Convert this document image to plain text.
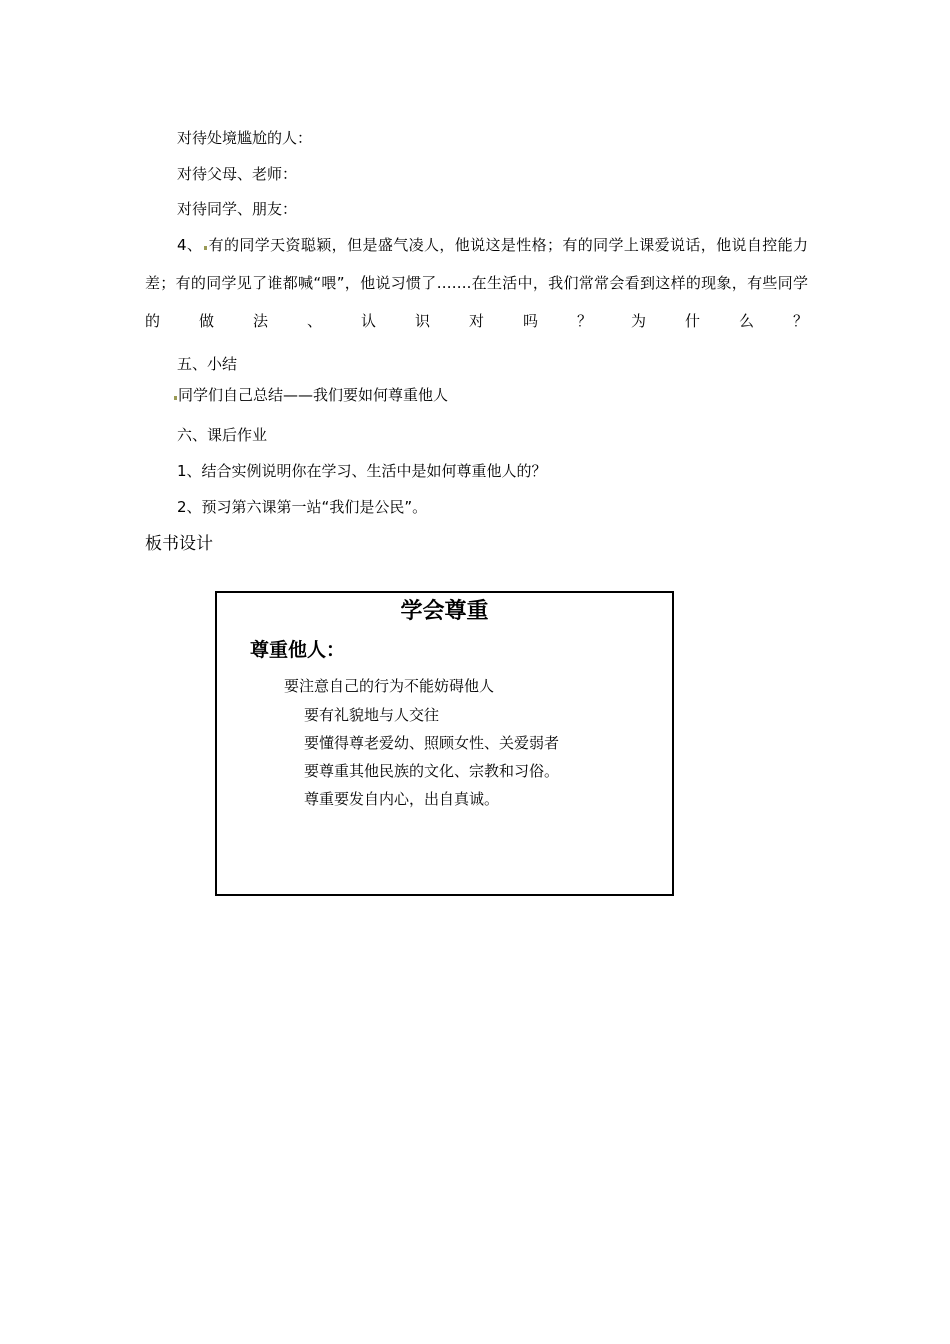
对待处境尴尬的人：
对待父母、老师：
对待同学、朋友：
4、 有的同学天资聪颖，但是盛气凌人，他说这是性格；有的同学上课爱说话，他说自控能力差；有的同学见了谁都喊“喂”，他说习惯了…….在生活中，我们常常会看到这样的现象，有些同学的做法、认识对吗？为什么？
五、小结
同学们自己总结——我们要如何尊重他人
六、课后作业
1、结合实例说明你在学习、生活中是如何尊重他人的？
2、预习第六课第一站“我们是公民”。
板书设计
学会尊重
尊重他人：
要注意自己的行为不能妨碍他人
要有礼貌地与人交往
要懂得尊老爱幼、照顾女性、关爱弱者
要尊重其他民族的文化、宗教和习俗。
尊重要发自内心，出自真诚。
